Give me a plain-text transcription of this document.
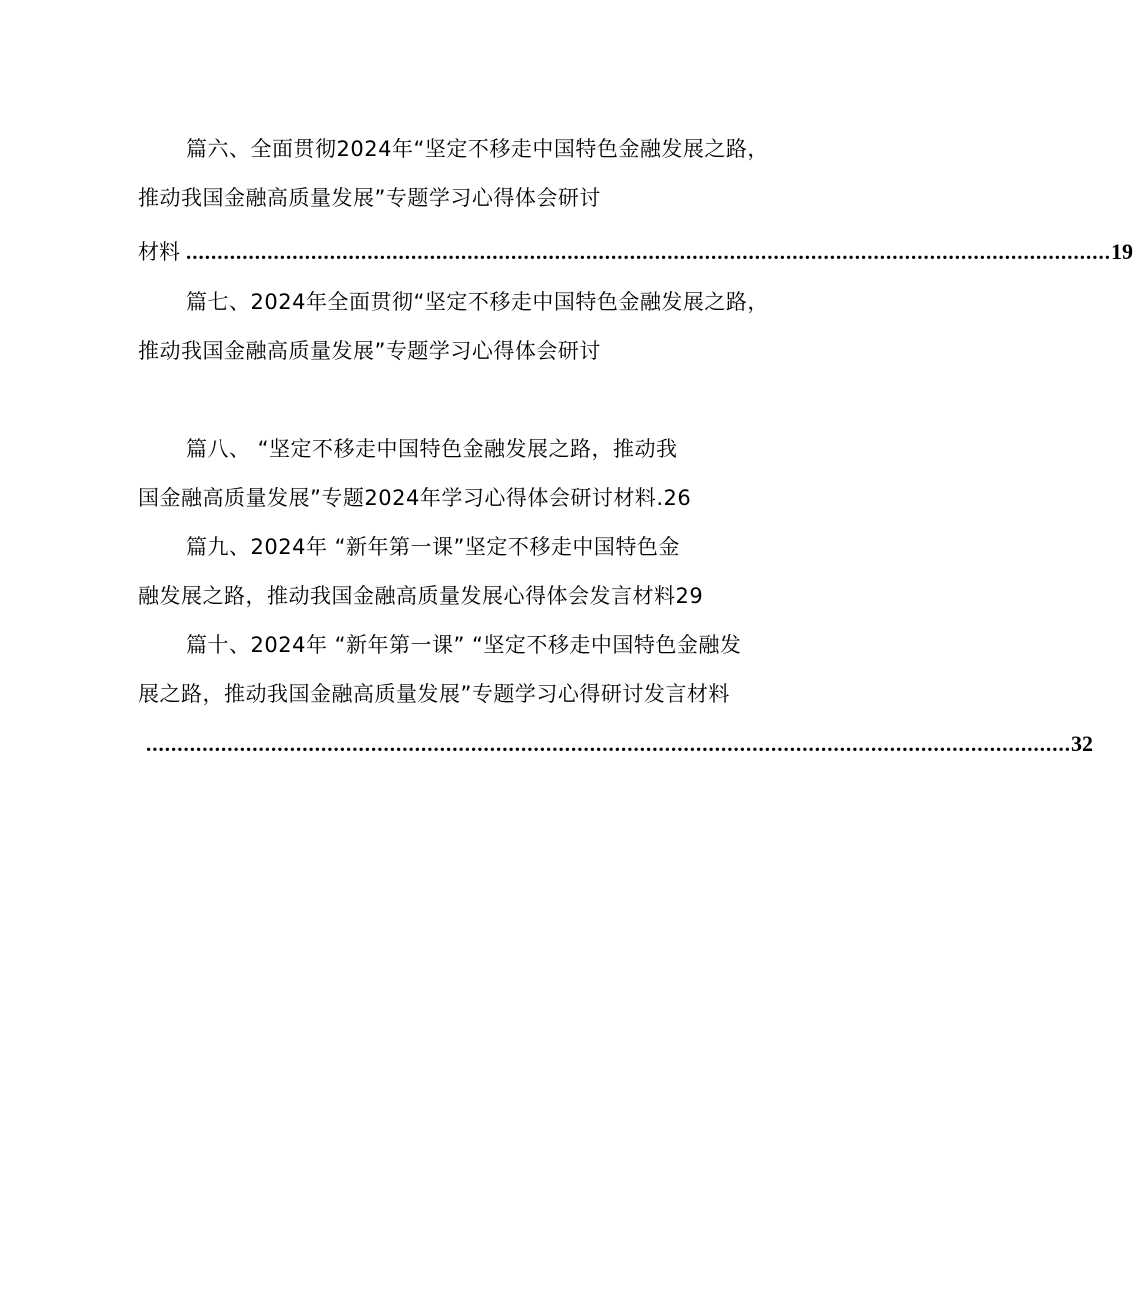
篇六、全面贯彻2024年“坚定不移走中国特色金融发展之路，
推动我国金融高质量发展”专题学习心得体会研讨
材料 .................................................................................................................................................... 19
篇七、2024年全面贯彻“坚定不移走中国特色金融发展之路，
推动我国金融高质量发展”专题学习心得体会研讨
篇八、 “坚定不移走中国特色金融发展之路，推动我
国金融高质量发展”专题2024年学习心得体会研讨材料.26
篇九、2024年 “新年第一课”坚定不移走中国特色金
融发展之路，推动我国金融高质量发展心得体会发言材料29
篇十、2024年 “新年第一课” “坚定不移走中国特色金融发
展之路，推动我国金融高质量发展”专题学习心得研讨发言材料
.................................................................................................................................................... 32
